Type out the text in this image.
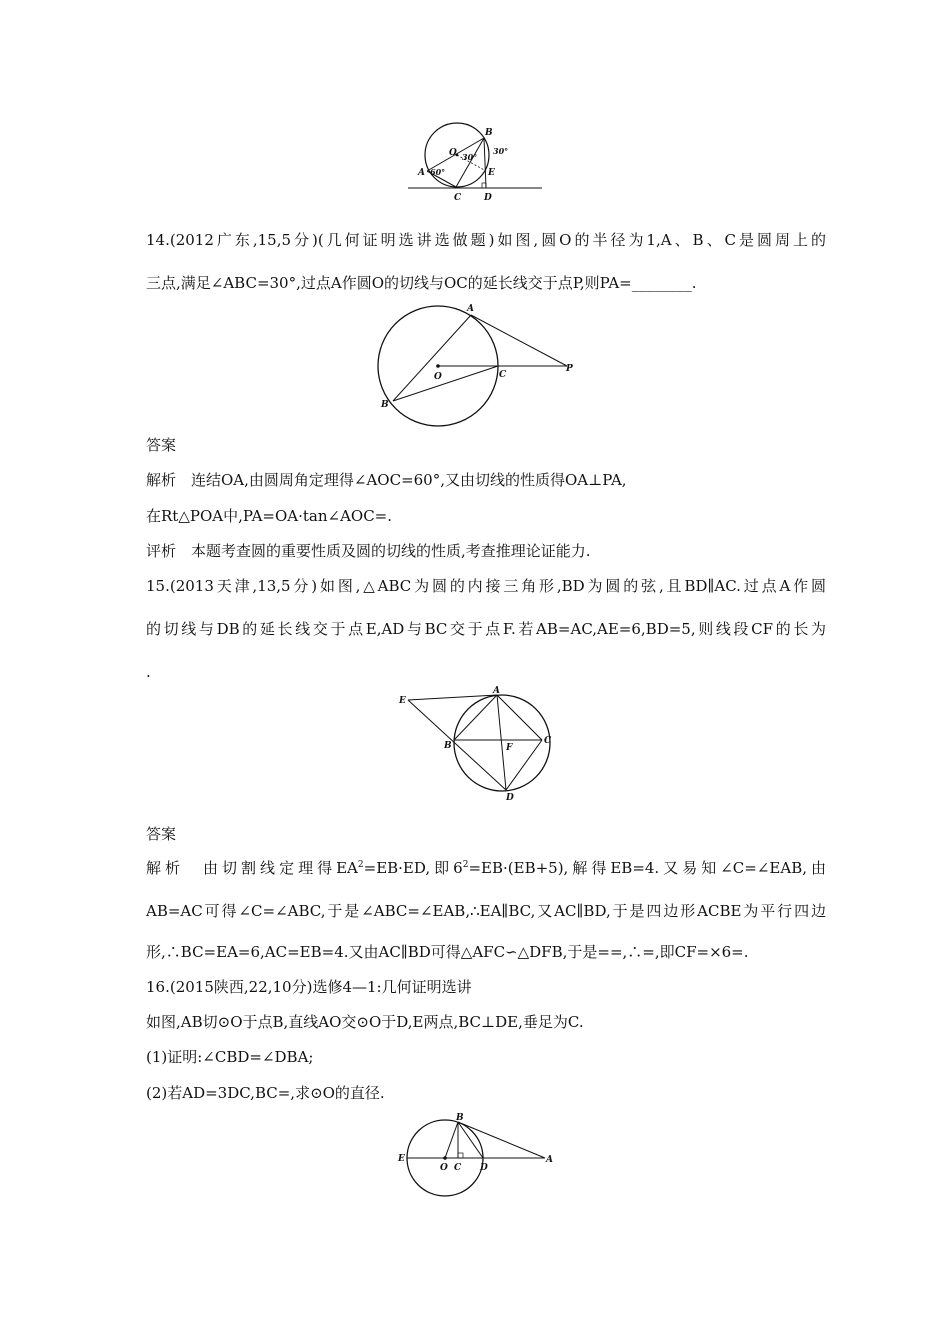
O
A
B
C	D
E
30°
30°
60°
14.(2012广东,15,5分)(几何证明选讲选做题)如图,圆O的半径为1,A、B、C是圆周上的
三点,满足∠ABC=30°,过点A作圆O的切线与OC的延长线交于点P,则PA=________.
A
B
O	C
P
答案
解析　连结OA,由圆周角定理得∠AOC=60°,又由切线的性质得OA⊥PA,
在Rt△POA中,PA=OA·tan∠AOC=.
评析　本题考查圆的重要性质及圆的切线的性质,考查推理论证能力.
15.(2013天津,13,5分)如图,△ABC为圆的内接三角形,BD为圆的弦,且BD∥AC.过点A作圆
的切线与DB的延长线交于点E,AD与BC交于点F.若AB=AC,AE=6,BD=5,则线段CF的长为
.
E
A
B	F
C
D
答案
解析　由切割线定理得$EA^2=EB\cdot ED$,即$6^2=EB\cdot(EB+5)$,解得EB=4.又易知∠C=∠EAB,由
AB=AC可得∠C=∠ABC,于是∠ABC=∠EAB,∴EA∥BC,又AC∥BD,于是四边形ACBE为平行四边
形,∴BC=EA=6,AC=EB=4.又由AC∥BD可得△AFC∽△DFB,于是==,∴=,即CF=×6=.
16.(2015陕西,22,10分)选修4—1:几何证明选讲
如图,AB切⊙O于点B,直线AO交⊙O于D,E两点,BC⊥DE,垂足为C.
(1)证明:∠CBD=∠DBA;
(2)若AD=3DC,BC=,求⊙O的直径.
E
O C D
B
A
